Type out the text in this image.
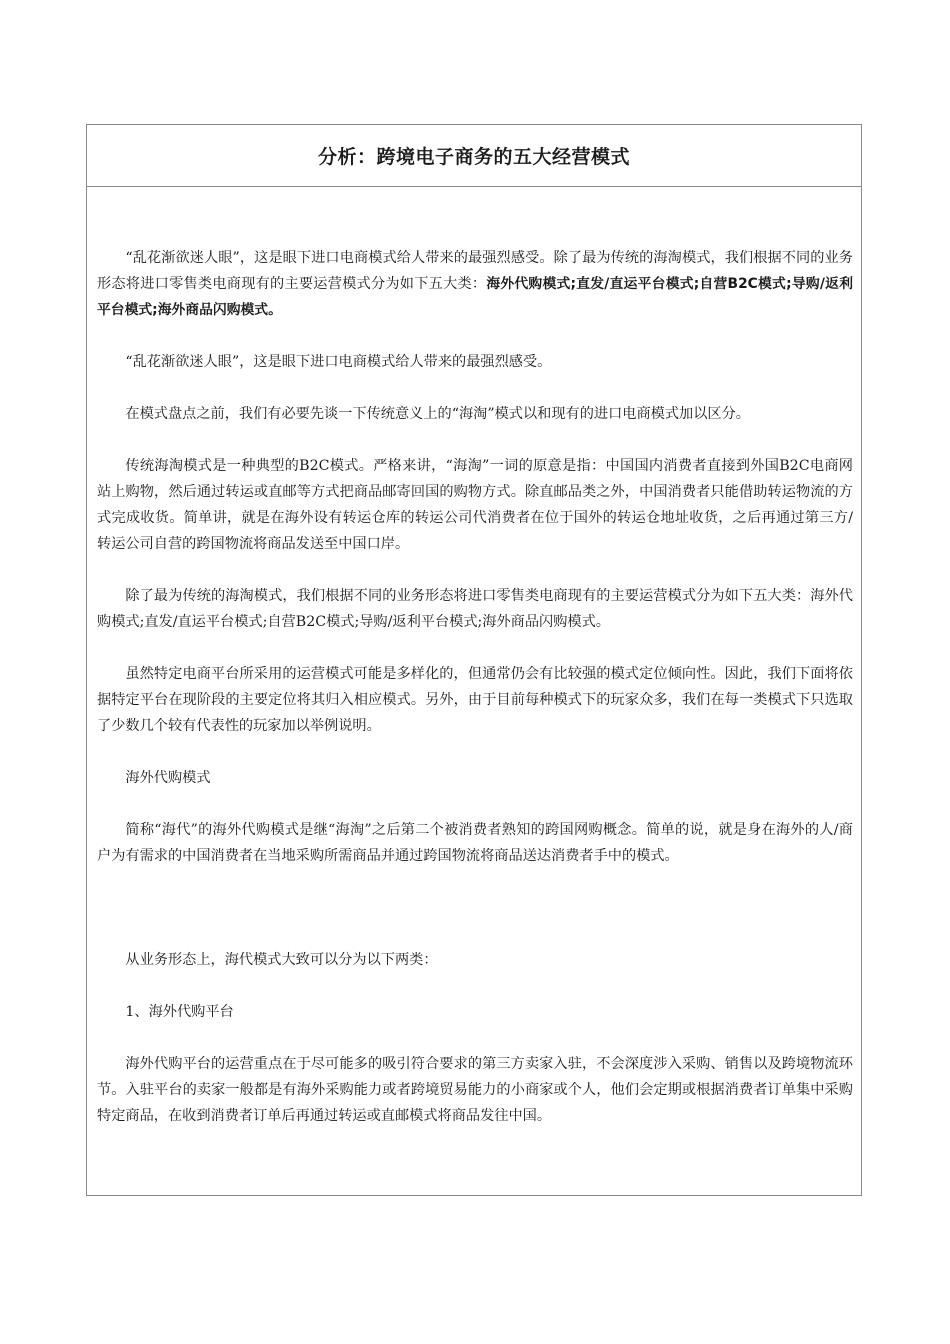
分析：跨境电子商务的五大经营模式

“乱花渐欲迷人眼”，这是眼下进口电商模式给人带来的最强烈感受。除了最为传统的海淘模式，我们根据不同的业务形态将进口零售类电商现有的主要运营模式分为如下五大类：海外代购模式;直发/直运平台模式;自营B2C模式;导购/返利平台模式;海外商品闪购模式。

“乱花渐欲迷人眼”，这是眼下进口电商模式给人带来的最强烈感受。

在模式盘点之前，我们有必要先谈一下传统意义上的“海淘”模式以和现有的进口电商模式加以区分。

传统海淘模式是一种典型的B2C模式。严格来讲，“海淘”一词的原意是指：中国国内消费者直接到外国B2C电商网站上购物，然后通过转运或直邮等方式把商品邮寄回国的购物方式。除直邮品类之外，中国消费者只能借助转运物流的方式完成收货。简单讲，就是在海外设有转运仓库的转运公司代消费者在位于国外的转运仓地址收货，之后再通过第三方/转运公司自营的跨国物流将商品发送至中国口岸。

除了最为传统的海淘模式，我们根据不同的业务形态将进口零售类电商现有的主要运营模式分为如下五大类：海外代购模式;直发/直运平台模式;自营B2C模式;导购/返利平台模式;海外商品闪购模式。

虽然特定电商平台所采用的运营模式可能是多样化的，但通常仍会有比较强的模式定位倾向性。因此，我们下面将依据特定平台在现阶段的主要定位将其归入相应模式。另外，由于目前每种模式下的玩家众多，我们在每一类模式下只选取了少数几个较有代表性的玩家加以举例说明。

海外代购模式

简称“海代”的海外代购模式是继“海淘”之后第二个被消费者熟知的跨国网购概念。简单的说，就是身在海外的人/商户为有需求的中国消费者在当地采购所需商品并通过跨国物流将商品送达消费者手中的模式。

从业务形态上，海代模式大致可以分为以下两类：

1、海外代购平台

海外代购平台的运营重点在于尽可能多的吸引符合要求的第三方卖家入驻，不会深度涉入采购、销售以及跨境物流环节。入驻平台的卖家一般都是有海外采购能力或者跨境贸易能力的小商家或个人，他们会定期或根据消费者订单集中采购特定商品，在收到消费者订单后再通过转运或直邮模式将商品发往中国。
